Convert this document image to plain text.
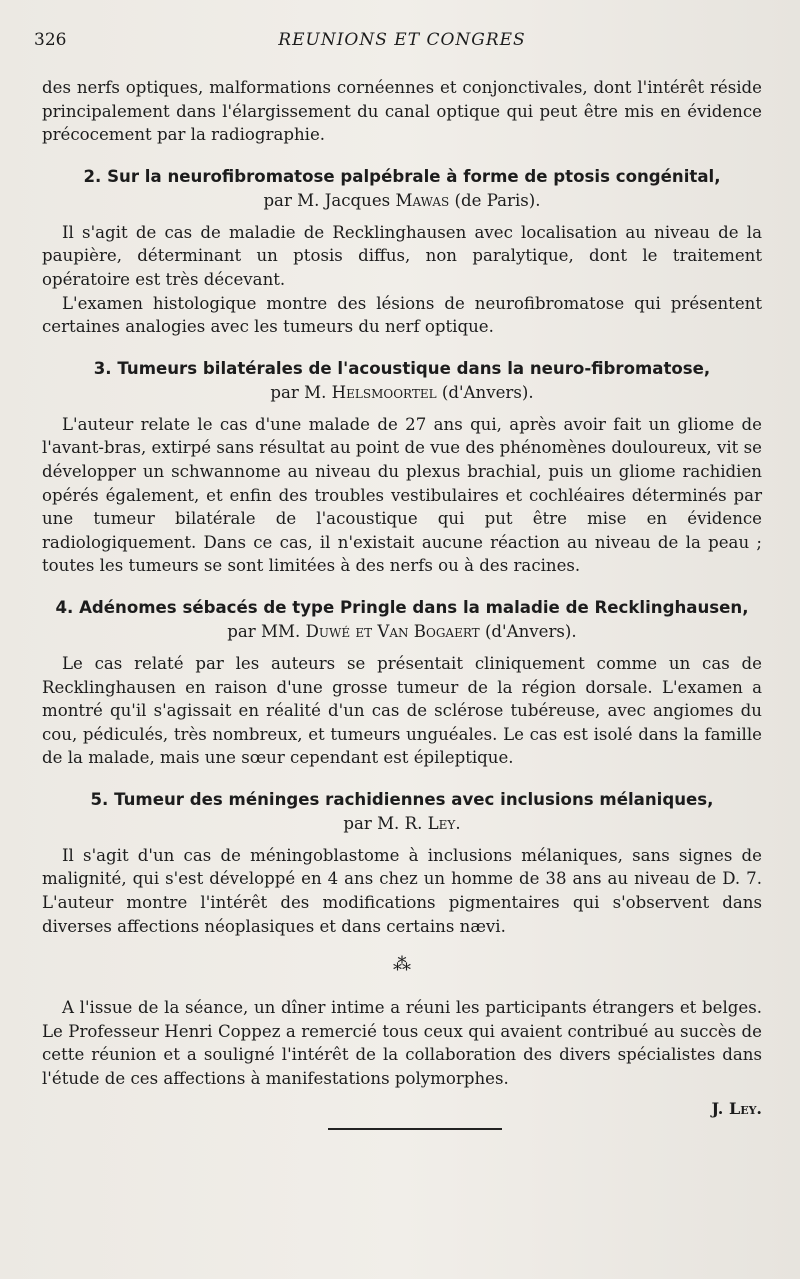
326	REUNIONS ET CONGRES

des nerfs optiques, malformations cornéennes et conjonctivales, dont l'intérêt réside principalement dans l'élargissement du canal optique qui peut être mis en évidence précocement par la radiographie.

2. Sur la neurofibromatose palpébrale à forme de ptosis congénital,
par M. Jacques Mawas (de Paris).

Il s'agit de cas de maladie de Recklinghausen avec localisation au niveau de la paupière, déterminant un ptosis diffus, non paralytique, dont le traitement opératoire est très décevant.

L'examen histologique montre des lésions de neurofibromatose qui présentent certaines analogies avec les tumeurs du nerf optique.

3. Tumeurs bilatérales de l'acoustique dans la neuro-fibromatose,
par M. Helsmoortel (d'Anvers).

L'auteur relate le cas d'une malade de 27 ans qui, après avoir fait un gliome de l'avant-bras, extirpé sans résultat au point de vue des phénomènes douloureux, vit se développer un schwannome au niveau du plexus brachial, puis un gliome rachidien opérés également, et enfin des troubles vestibulaires et cochléaires déterminés par une tumeur bilatérale de l'acoustique qui put être mise en évidence radiologiquement. Dans ce cas, il n'existait aucune réaction au niveau de la peau ; toutes les tumeurs se sont limitées à des nerfs ou à des racines.

4. Adénomes sébacés de type Pringle dans la maladie de Recklinghausen,
par MM. Duwé et Van Bogaert (d'Anvers).

Le cas relaté par les auteurs se présentait cliniquement comme un cas de Recklinghausen en raison d'une grosse tumeur de la région dorsale. L'examen a montré qu'il s'agissait en réalité d'un cas de sclérose tubéreuse, avec angiomes du cou, pédiculés, très nombreux, et tumeurs unguéales. Le cas est isolé dans la famille de la malade, mais une sœur cependant est épileptique.

5. Tumeur des méninges rachidiennes avec inclusions mélaniques,
par M. R. Ley.

Il s'agit d'un cas de méningoblastome à inclusions mélaniques, sans signes de malignité, qui s'est développé en 4 ans chez un homme de 38 ans au niveau de D. 7. L'auteur montre l'intérêt des modifications pigmentaires qui s'observent dans diverses affections néoplasiques et dans certains nævi.

⁂

A l'issue de la séance, un dîner intime a réuni les participants étrangers et belges. Le Professeur Henri Coppez a remercié tous ceux qui avaient contribué au succès de cette réunion et a souligné l'intérêt de la collaboration des divers spécialistes dans l'étude de ces affections à manifestations polymorphes.

J. Ley.
